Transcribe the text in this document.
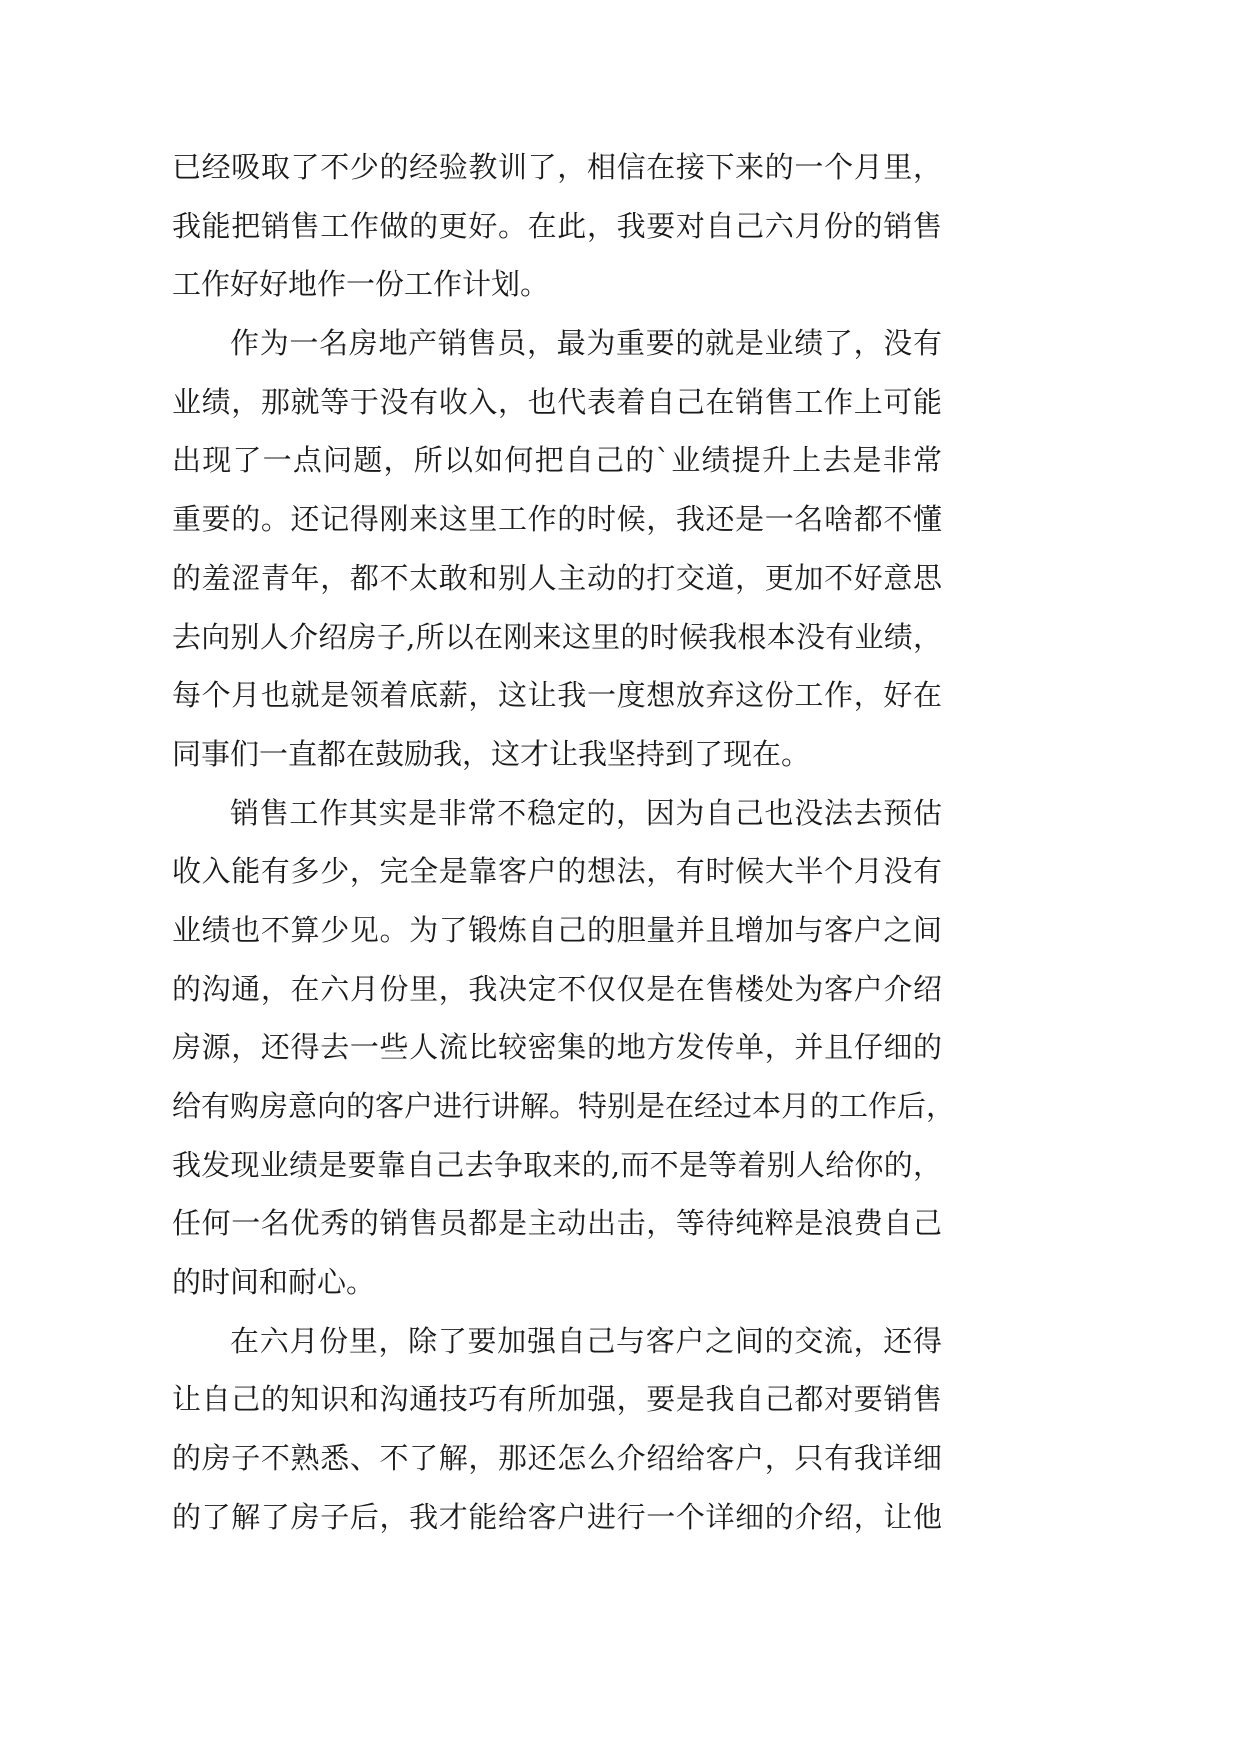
已经吸取了不少的经验教训了，相信在接下来的一个月里，
我能把销售工作做的更好。在此，我要对自己六月份的销售
工作好好地作一份工作计划。
作为一名房地产销售员，最为重要的就是业绩了，没有
业绩，那就等于没有收入，也代表着自己在销售工作上可能
出现了一点问题，所以如何把自己的`业绩提升上去是非常
重要的。还记得刚来这里工作的时候，我还是一名啥都不懂
的羞涩青年，都不太敢和别人主动的打交道，更加不好意思
去向别人介绍房子,所以在刚来这里的时候我根本没有业绩，
每个月也就是领着底薪，这让我一度想放弃这份工作，好在
同事们一直都在鼓励我，这才让我坚持到了现在。
销售工作其实是非常不稳定的，因为自己也没法去预估
收入能有多少，完全是靠客户的想法，有时候大半个月没有
业绩也不算少见。为了锻炼自己的胆量并且增加与客户之间
的沟通，在六月份里，我决定不仅仅是在售楼处为客户介绍
房源，还得去一些人流比较密集的地方发传单，并且仔细的
给有购房意向的客户进行讲解。特别是在经过本月的工作后，
我发现业绩是要靠自己去争取来的,而不是等着别人给你的，
任何一名优秀的销售员都是主动出击，等待纯粹是浪费自己
的时间和耐心。
在六月份里，除了要加强自己与客户之间的交流，还得
让自己的知识和沟通技巧有所加强，要是我自己都对要销售
的房子不熟悉、不了解，那还怎么介绍给客户，只有我详细
的了解了房子后，我才能给客户进行一个详细的介绍，让他
